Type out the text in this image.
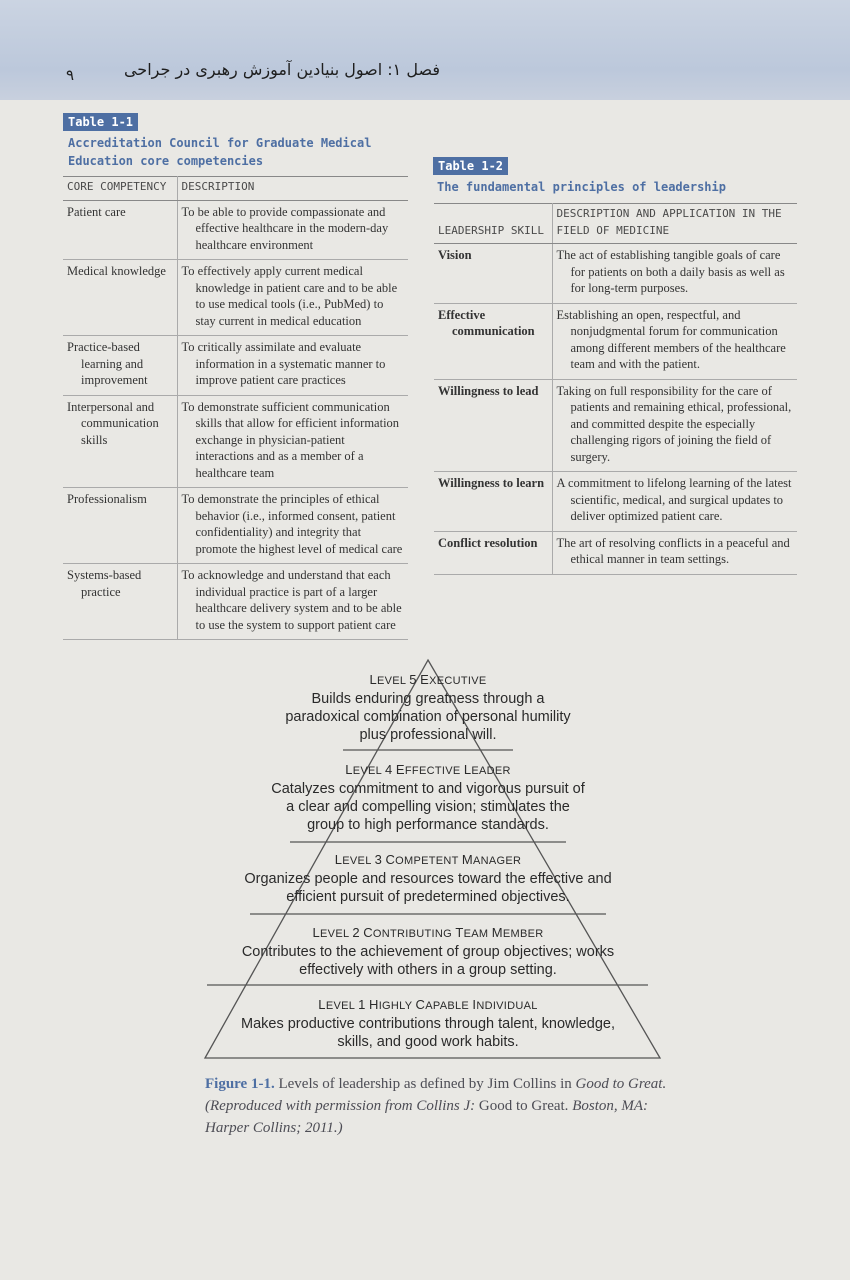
فصل ۱: اصول بنیادین آموزش رهبری در جراحی
۹
Table 1-1
Accreditation Council for Graduate Medical Education core competencies
CORE COMPETENCY	DESCRIPTION

Patient care	To be able to provide compassionate and effective healthcare in the modern-day healthcare environment

Medical knowledge	To effectively apply current medical knowledge in patient care and to be able to use medical tools (i.e., PubMed) to stay current in medical education

Practice-based learning and improvement	To critically assimilate and evaluate information in a systematic manner to improve patient care practices

Interpersonal and communication skills	To demonstrate sufficient communication skills that allow for efficient information exchange in physician-patient interactions and as a member of a healthcare team

Professionalism	To demonstrate the principles of ethical behavior (i.e., informed consent, patient confidentiality) and integrity that promote the highest level of medical care

Systems-based practice	To acknowledge and understand that each individual practice is part of a larger healthcare delivery system and to be able to use the system to support patient care
Table 1-2
The fundamental principles of leadership
LEADERSHIP SKILL	DESCRIPTION AND APPLICATION IN THE FIELD OF MEDICINE

Vision	The act of establishing tangible goals of care for patients on both a daily basis as well as for long-term purposes.

Effective communication	Establishing an open, respectful, and nonjudgmental forum for communication among different members of the healthcare team and with the patient.

Willingness to lead	Taking on full responsibility for the care of patients and remaining ethical, professional, and committed despite the especially challenging rigors of joining the field of surgery.

Willingness to learn	A commitment to lifelong learning of the latest scientific, medical, and surgical updates to deliver optimized patient care.

Conflict resolution	The art of resolving conflicts in a peaceful and ethical manner in team settings.
LEVEL 5 EXECUTIVE
Builds enduring greatness through a paradoxical combination of personal humility plus professional will.
LEVEL 4 EFFECTIVE LEADER
Catalyzes commitment to and vigorous pursuit of a clear and compelling vision; stimulates the group to high performance standards.
LEVEL 3 COMPETENT MANAGER
Organizes people and resources toward the effective and efficient pursuit of predetermined objectives.
LEVEL 2 CONTRIBUTING TEAM MEMBER
Contributes to the achievement of group objectives; works effectively with others in a group setting.
LEVEL 1 HIGHLY CAPABLE INDIVIDUAL
Makes productive contributions through talent, knowledge, skills, and good work habits.
Figure 1-1. Levels of leadership as defined by Jim Collins in Good to Great. (Reproduced with permission from Collins J: Good to Great. Boston, MA: Harper Collins; 2011.)
